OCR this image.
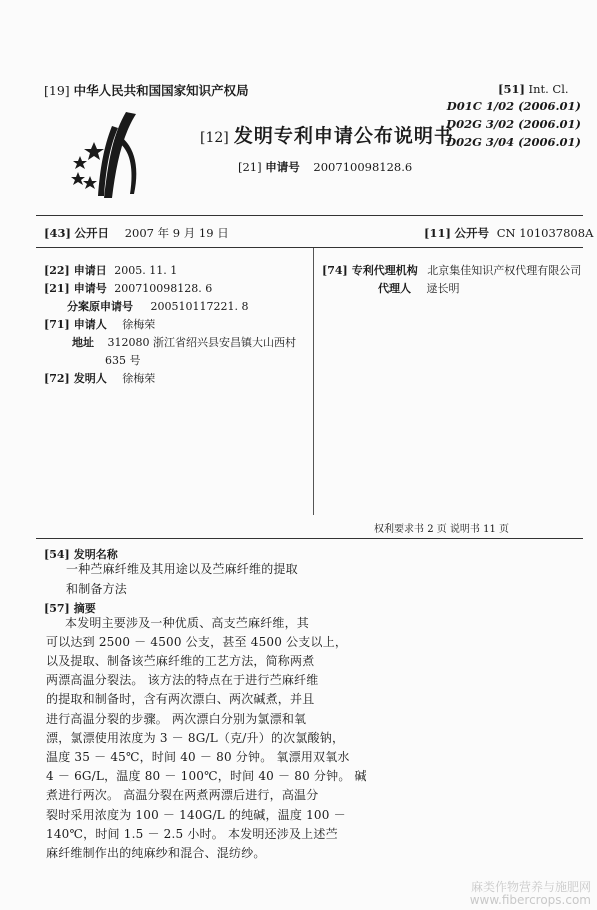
[19] 中华人民共和国国家知识产权局
[12] 发明专利申请公布说明书
[21] 申请号 200710098128.6
[51] Int. Cl.
D01C 1/02 (2006.01)
D02G 3/02 (2006.01)
D02G 3/04 (2006.01)
[43] 公开日 2007 年 9 月 19 日	[11] 公开号 CN 101037808A
[22] 申请日 2005. 11. 1
[21] 申请号 200710098128. 6
分案原申请号 200510117221. 8
[71] 申请人 徐梅荣
地址 312080 浙江省绍兴县安昌镇大山西村
635 号
[72] 发明人 徐梅荣
[74] 专利代理机构 北京集佳知识产权代理有限公司
代理人 逯长明
权利要求书 2 页 说明书 11 页
[54] 发明名称
一种苎麻纤维及其用途以及苎麻纤维的提取
和制备方法
[57] 摘要
本发明主要涉及一种优质、高支苎麻纤维，其
可以达到 2500 － 4500 公支，甚至 4500 公支以上，
以及提取、制备该苎麻纤维的工艺方法，简称两煮
两漂高温分裂法。 该方法的特点在于进行苎麻纤维
的提取和制备时，含有两次漂白、两次碱煮，并且
进行高温分裂的步骤。 两次漂白分别为氯漂和氧
漂，氯漂使用浓度为 3 － 8G/L（克/升）的次氯酸钠，
温度 35 － 45℃，时间 40 － 80 分钟。 氧漂用双氧水
4 － 6G/L，温度 80 － 100℃，时间 40 － 80 分钟。 碱
煮进行两次。 高温分裂在两煮两漂后进行，高温分
裂时采用浓度为 100 － 140G/L 的纯碱，温度 100 －
140℃，时间 1.5 － 2.5 小时。 本发明还涉及上述苎
麻纤维制作出的纯麻纱和混合、混纺纱。
麻类作物营养与施肥网
www.fibercrops.com
